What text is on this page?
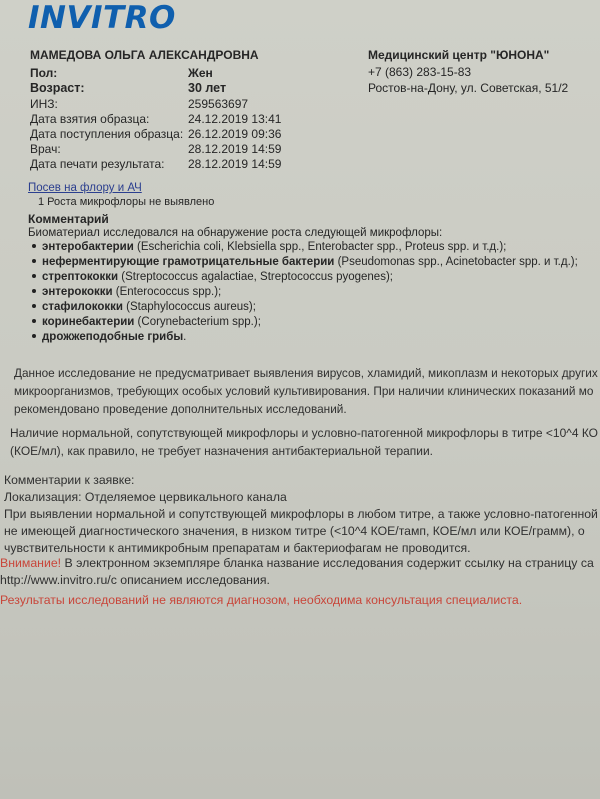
INVITRO
МАМЕДОВА ОЛЬГА АЛЕКСАНДРОВНА
Пол:	Жен
Возраст:	30 лет
ИНЗ:	259563697
Дата взятия образца:	24.12.2019 13:41
Дата поступления образца: 26.12.2019 09:36
Врач:	28.12.2019 14:59
Дата печати результата: 28.12.2019 14:59
Медицинский центр "ЮНОНА"
+7 (863) 283-15-83
Ростов-на-Дону, ул. Советская, 51/2
Посев на флору и АЧ
1 Роста микрофлоры не выявлено
Комментарий
Биоматериал исследовался на обнаружение роста следующей микрофлоры:
энтеробактерии (Escherichia coli, Klebsiella spp., Enterobacter spp., Proteus spp. и т.д.);
неферментирующие грамотрицательные бактерии (Pseudomonas spp., Acinetobacter spp. и т.д.);
стрептококки (Streptococcus agalactiae, Streptococcus pyogenes);
энтерококки (Enterococcus spp.);
стафилококки (Staphylococcus aureus);
коринебактерии (Corynebacterium spp.);
дрожжеподобные грибы.
Данное исследование не предусматривает выявления вирусов, хламидий, микоплазм и некоторых других
микроорганизмов, требующих особых условий культивирования. При наличии клинических показаний мо
рекомендовано проведение дополнительных исследований.
Наличие нормальной, сопутствующей микрофлоры и условно-патогенной микрофлоры в титре <10^4 КО
(КОЕ/мл), как правило, не требует назначения антибактериальной терапии.
Комментарии к заявке:
Локализация: Отделяемое цервикального канала
При выявлении нормальной и сопутствующей микрофлоры в любом титре, а также условно-патогенной
не имеющей диагностического значения, в низком титре (<10^4 КОЕ/тамп, КОЕ/мл или КОЕ/грамм), о
чувствительности к антимикробным препаратам и бактериофагам не проводится.
Внимание! В электронном экземпляре бланка название исследования содержит ссылку на страницу са
http://www.invitro.ru/с описанием исследования.
Результаты исследований не являются диагнозом, необходима консультация специалиста.
